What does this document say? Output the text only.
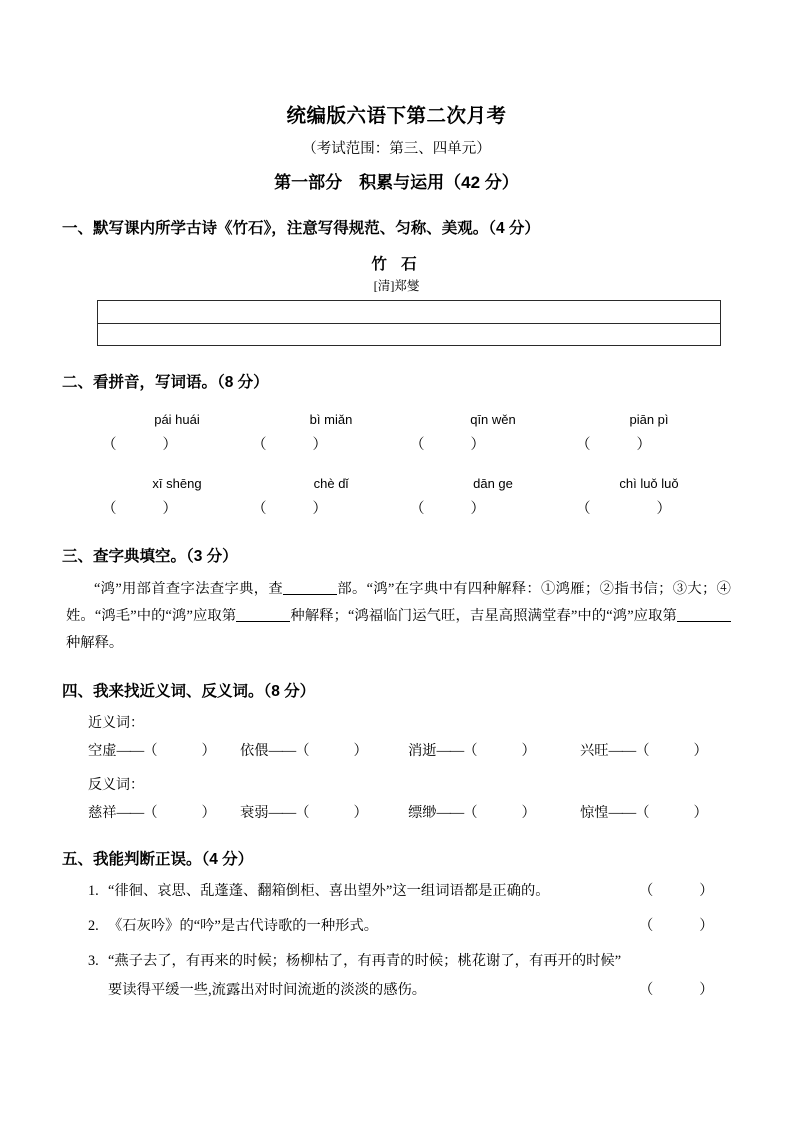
统编版六语下第二次月考
（考试范围：第三、四单元）
第一部分　积累与运用（42 分）
一、默写课内所学古诗《竹石》，注意写得规范、匀称、美观。（4 分）
竹 石
[清]郑燮
二、看拼音，写词语。（8 分）
pái huái	bì miǎn	qīn wěn	piān pì
（	）	（	）	（	）	（	）
xī shēng	chè dǐ	dān ge	chì luǒ luǒ
（	）	（	）	（	）	（	）
三、查字典填空。（3 分）
“鸿”用部首查字法查字典，查	部。“鸿”在字典中有四种解释：①鸿雁；②指书信；③大；④姓。“鸿毛”中的“鸿”应取第	种解释；“鸿福临门运气旺，吉星高照满堂春”中的“鸿”应取第种解释。
四、我来找近义词、反义词。（8 分）
近义词：
空虚——（	）	依偎——（	）	消逝——（	）	兴旺——（	）
反义词：
慈祥——（	）	衰弱——（	）	缥缈——（	）	惊惶——（	）
五、我能判断正误。（4 分）
1. “徘徊、哀思、乱蓬蓬、翻箱倒柜、喜出望外”这一组词语都是正确的。	（	）
2. 《石灰吟》的“吟”是古代诗歌的一种形式。	（	）
3. “燕子去了，有再来的时候；杨柳枯了，有再青的时候；桃花谢了，有再开的时候”
要读得平缓一些,流露出对时间流逝的淡淡的感伤。	（	）
